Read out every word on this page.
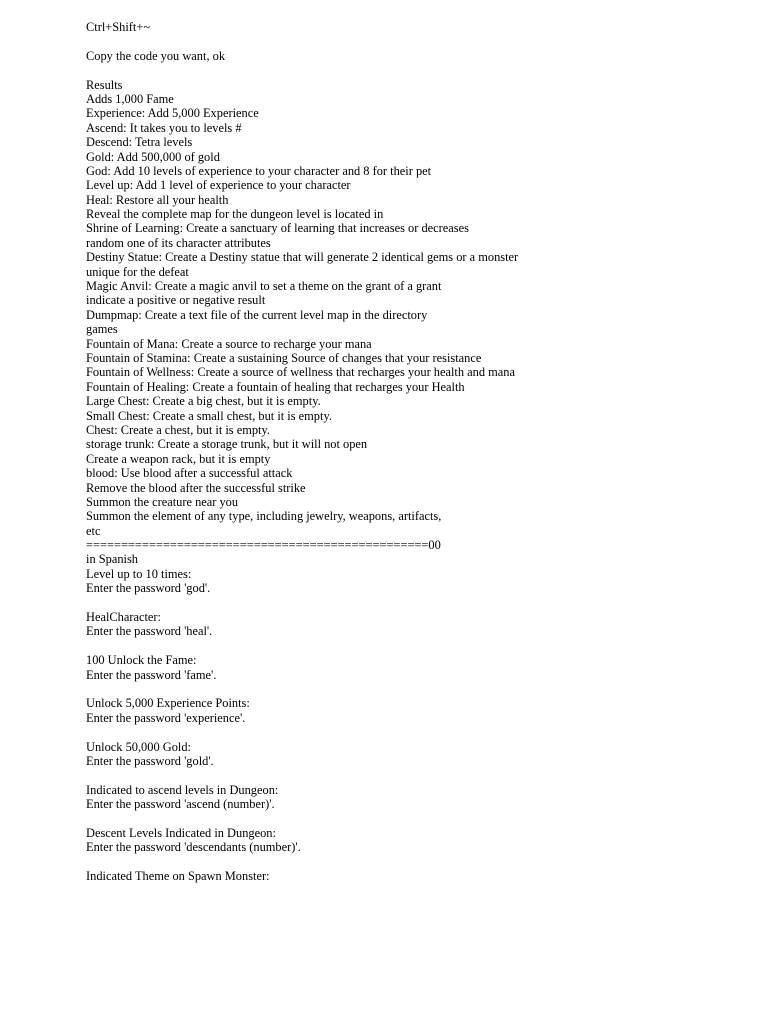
Ctrl+Shift+~
Copy the code you want, ok
Results
Adds 1,000 Fame
Experience: Add 5,000 Experience
Ascend: It takes you to levels #
Descend: Tetra levels
Gold: Add 500,000 of gold
God: Add 10 levels of experience to your character and 8 for their pet
Level up: Add 1 level of experience to your character
Heal: Restore all your health
Reveal the complete map for the dungeon level is located in
Shrine of Learning: Create a sanctuary of learning that increases or decreases
random one of its character attributes
Destiny Statue: Create a Destiny statue that will generate 2 identical gems or a monster
unique for the defeat
Magic Anvil: Create a magic anvil to set a theme on the grant of a grant
indicate a positive or negative result
Dumpmap: Create a text file of the current level map in the directory
games
Fountain of Mana: Create a source to recharge your mana
Fountain of Stamina: Create a sustaining Source of changes that your resistance
Fountain of Wellness: Create a source of wellness that recharges your health and mana
Fountain of Healing: Create a fountain of healing that recharges your Health
Large Chest: Create a big chest, but it is empty.
Small Chest: Create a small chest, but it is empty.
Chest: Create a chest, but it is empty.
storage trunk: Create a storage trunk, but it will not open
Create a weapon rack, but it is empty
blood: Use blood after a successful attack
Remove the blood after the successful strike
Summon the creature near you
Summon the element of any type, including jewelry, weapons, artifacts,
etc
=================================================00
in Spanish
Level up to 10 times:
Enter the password 'god'.
HealCharacter:
Enter the password 'heal'.
100 Unlock the Fame:
Enter the password 'fame'.
Unlock 5,000 Experience Points:
Enter the password 'experience'.
Unlock 50,000 Gold:
Enter the password 'gold'.
Indicated to ascend levels in Dungeon:
Enter the password 'ascend (number)'.
Descent Levels Indicated in Dungeon:
Enter the password 'descendants (number)'.
Indicated Theme on Spawn Monster:
